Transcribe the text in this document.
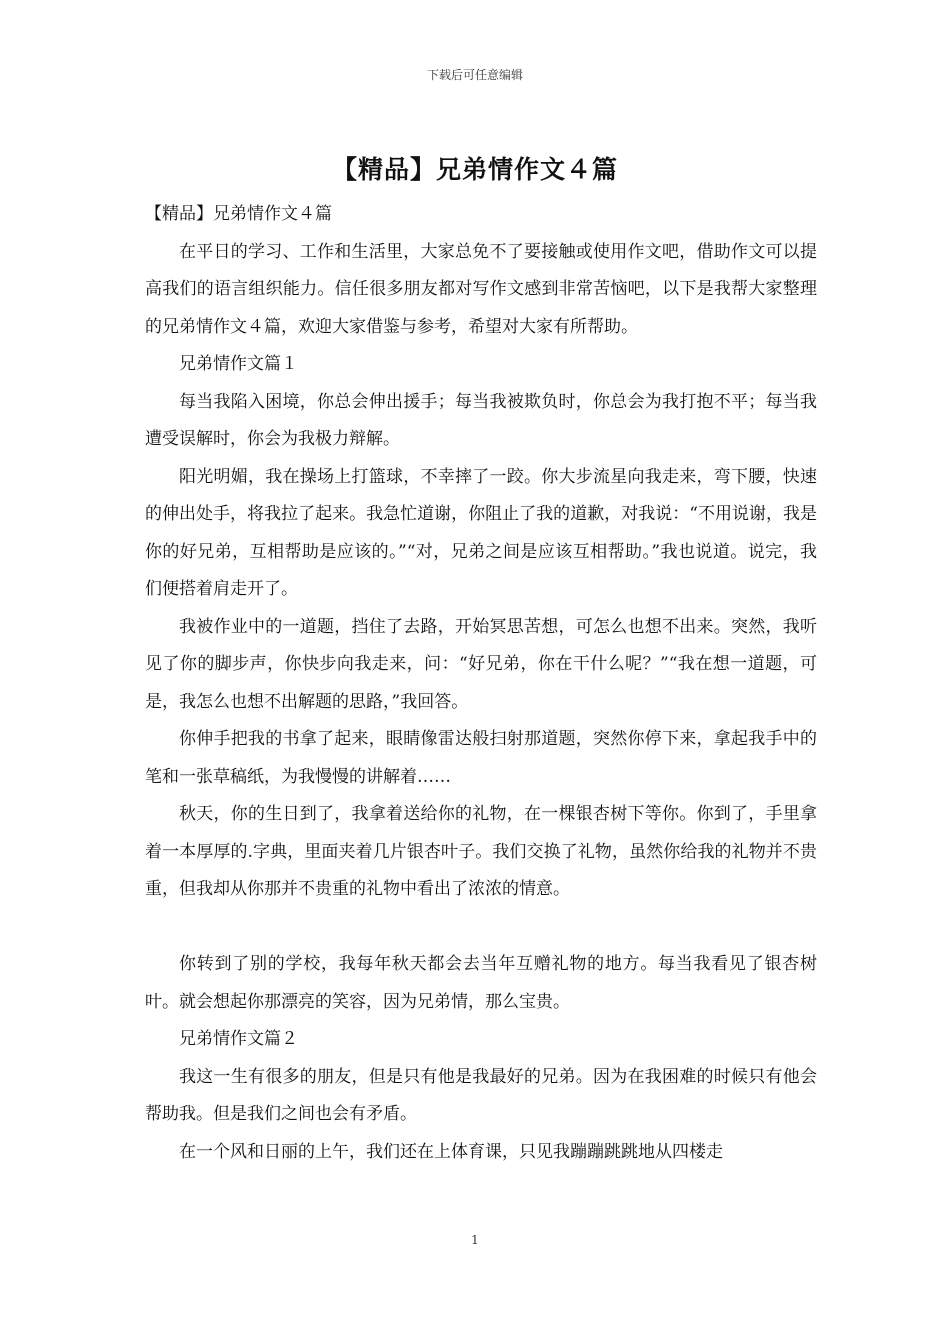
下载后可任意编辑
【精品】兄弟情作文４篇

【精品】兄弟情作文４篇

在平日的学习、工作和生活里，大家总免不了要接触或使用作文吧，借助作文可以提高我们的语言组织能力。信任很多朋友都对写作文感到非常苦恼吧，以下是我帮大家整理的兄弟情作文４篇，欢迎大家借鉴与参考，希望对大家有所帮助。

兄弟情作文篇１

每当我陷入困境，你总会伸出援手；每当我被欺负时，你总会为我打抱不平；每当我遭受误解时，你会为我极力辩解。

阳光明媚，我在操场上打篮球，不幸摔了一跤。你大步流星向我走来，弯下腰，快速的伸出处手，将我拉了起来。我急忙道谢，你阻止了我的道歉，对我说：“不用说谢，我是你的好兄弟，互相帮助是应该的。”“对，兄弟之间是应该互相帮助。”我也说道。说完，我们便搭着肩走开了。

我被作业中的一道题，挡住了去路，开始冥思苦想，可怎么也想不出来。突然，我听见了你的脚步声，你快步向我走来，问：“好兄弟，你在干什么呢？”“我在想一道题，可是，我怎么也想不出解题的思路，”我回答。

你伸手把我的书拿了起来，眼睛像雷达般扫射那道题，突然你停下来，拿起我手中的笔和一张草稿纸，为我慢慢的讲解着……

秋天，你的生日到了，我拿着送给你的礼物，在一棵银杏树下等你。你到了，手里拿着一本厚厚的.字典，里面夹着几片银杏叶子。我们交换了礼物，虽然你给我的礼物并不贵重，但我却从你那并不贵重的礼物中看出了浓浓的情意。

你转到了别的学校，我每年秋天都会去当年互赠礼物的地方。每当我看见了银杏树叶。就会想起你那漂亮的笑容，因为兄弟情，那么宝贵。

兄弟情作文篇２

我这一生有很多的朋友，但是只有他是我最好的兄弟。因为在我困难的时候只有他会帮助我。但是我们之间也会有矛盾。

在一个风和日丽的上午，我们还在上体育课，只见我蹦蹦跳跳地从四楼走

1
